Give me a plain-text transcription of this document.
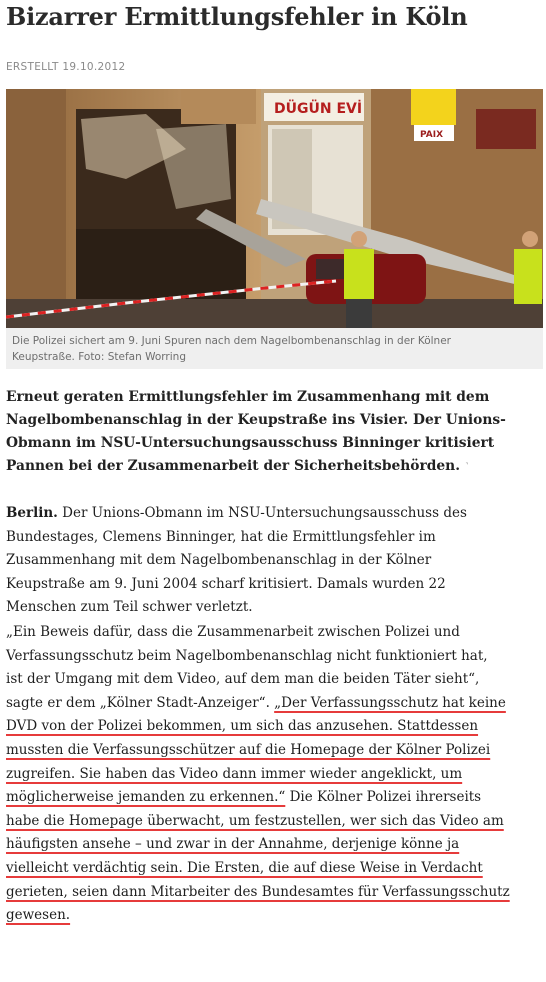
Bizarrer Ermittlungsfehler in Köln
ERSTELLT 19.10.2012
DÜGÜN EVİ
PAIX
Die Polizei sichert am 9. Juni Spuren nach dem Nagelbombenanschlag in der Kölner
Keupstraße. Foto: Stefan Worring
Erneut geraten Ermittlungsfehler im Zusammenhang mit dem
Nagelbombenanschlag in der Keupstraße ins Visier. Der Unions-
Obmann im NSU-Untersuchungsausschuss Binninger kritisiert
Pannen bei der Zusammenarbeit der Sicherheitsbehörden. ˺
Berlin. Der Unions-Obmann im NSU-Untersuchungsausschuss des
Bundestages, Clemens Binninger, hat die Ermittlungsfehler im
Zusammenhang mit dem Nagelbombenanschlag in der Kölner
Keupstraße am 9. Juni 2004 scharf kritisiert. Damals wurden 22
Menschen zum Teil schwer verletzt.
„Ein Beweis dafür, dass die Zusammenarbeit zwischen Polizei und
Verfassungsschutz beim Nagelbombenanschlag nicht funktioniert hat,
ist der Umgang mit dem Video, auf dem man die beiden Täter sieht“,
sagte er dem „Kölner Stadt-Anzeiger“. „Der Verfassungsschutz hat keine
DVD von der Polizei bekommen, um sich das anzusehen. Stattdessen
mussten die Verfassungsschützer auf die Homepage der Kölner Polizei
zugreifen. Sie haben das Video dann immer wieder angeklickt, um
möglicherweise jemanden zu erkennen.“ Die Kölner Polizei ihrerseits
habe die Homepage überwacht, um festzustellen, wer sich das Video am
häufigsten ansehe – und zwar in der Annahme, derjenige könne ja
vielleicht verdächtig sein. Die Ersten, die auf diese Weise in Verdacht
gerieten, seien dann Mitarbeiter des Bundesamtes für Verfassungsschutz
gewesen.
